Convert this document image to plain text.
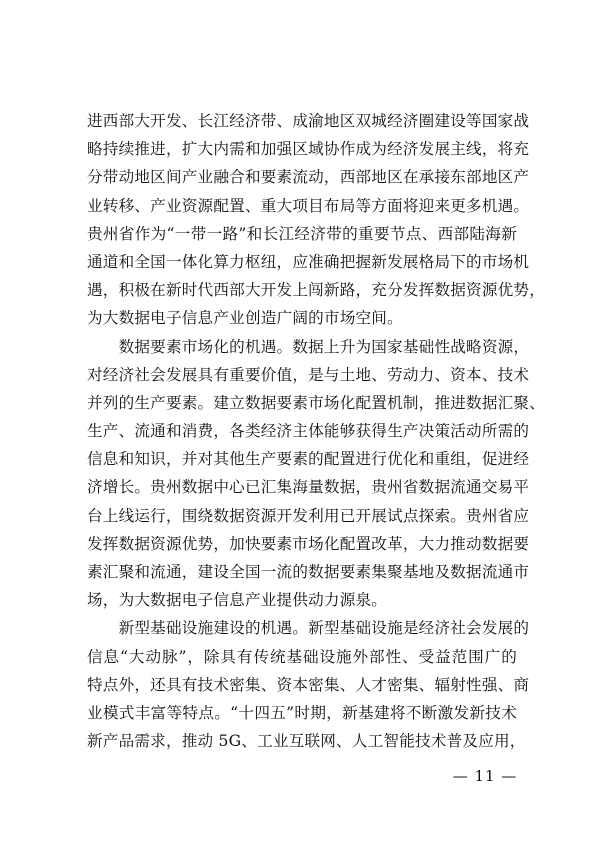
进西部大开发、长江经济带、成渝地区双城经济圈建设等国家战
略持续推进，扩大内需和加强区域协作成为经济发展主线，将充
分带动地区间产业融合和要素流动，西部地区在承接东部地区产
业转移、产业资源配置、重大项目布局等方面将迎来更多机遇。
贵州省作为“一带一路”和长江经济带的重要节点、西部陆海新
通道和全国一体化算力枢纽，应准确把握新发展格局下的市场机
遇，积极在新时代西部大开发上闯新路，充分发挥数据资源优势，
为大数据电子信息产业创造广阔的市场空间。
　　数据要素市场化的机遇。数据上升为国家基础性战略资源，
对经济社会发展具有重要价值，是与土地、劳动力、资本、技术
并列的生产要素。建立数据要素市场化配置机制，推进数据汇聚、
生产、流通和消费，各类经济主体能够获得生产决策活动所需的
信息和知识，并对其他生产要素的配置进行优化和重组，促进经
济增长。贵州数据中心已汇集海量数据，贵州省数据流通交易平
台上线运行，围绕数据资源开发利用已开展试点探索。贵州省应
发挥数据资源优势，加快要素市场化配置改革，大力推动数据要
素汇聚和流通，建设全国一流的数据要素集聚基地及数据流通市
场，为大数据电子信息产业提供动力源泉。
　　新型基础设施建设的机遇。新型基础设施是经济社会发展的
信息“大动脉”，除具有传统基础设施外部性、受益范围广的
特点外，还具有技术密集、资本密集、人才密集、辐射性强、商
业模式丰富等特点。“十四五”时期，新基建将不断激发新技术
新产品需求，推动 5G、工业互联网、人工智能技术普及应用，
— 11 —
